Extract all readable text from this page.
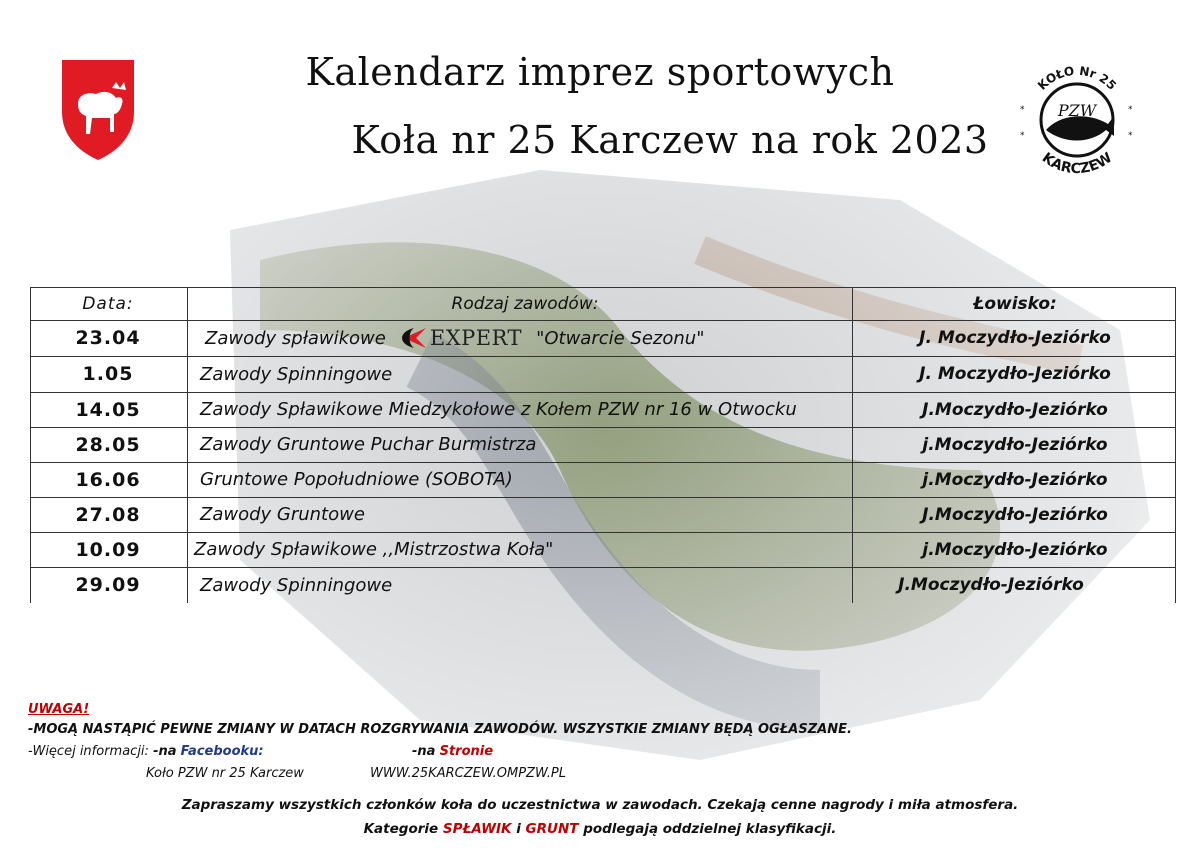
Kalendarz imprez sportowych
Koła nr 25 Karczew na rok 2023
KOŁO Nr 25
KARCZEW
PZW
*
*
*
*
Data:	Rodzaj zawodów:	Łowisko:
23.04	Zawody spławikowe EXPERT "Otwarcie Sezonu"	J. Moczydło-Jeziórko
1.05	Zawody Spinningowe	J. Moczydło-Jeziórko
14.05	Zawody Spławikowe Miedzykołowe z Kołem PZW nr 16 w Otwocku	J.Moczydło-Jeziórko
28.05	Zawody Gruntowe Puchar Burmistrza	j.Moczydło-Jeziórko
16.06	Gruntowe Popołudniowe (SOBOTA)	j.Moczydło-Jeziórko
27.08	Zawody Gruntowe	J.Moczydło-Jeziórko
10.09	Zawody Spławikowe ,,Mistrzostwa Koła"	j.Moczydło-Jeziórko
29.09	Zawody Spinningowe	J.Moczydło-Jeziórko
UWAGA!
-MOGĄ NASTĄPIĆ PEWNE ZMIANY W DATACH ROZGRYWANIA ZAWODÓW. WSZYSTKIE ZMIANY BĘDĄ OGŁASZANE.
-Więcej informacji: -na Facebooku:	-na Stronie
Koło PZW nr 25 Karczew	WWW.25KARCZEW.OMPZW.PL
Zapraszamy wszystkich członków koła do uczestnictwa w zawodach. Czekają cenne nagrody i miła atmosfera.
Kategorie SPŁAWIK i GRUNT podlegają oddzielnej klasyfikacji.
